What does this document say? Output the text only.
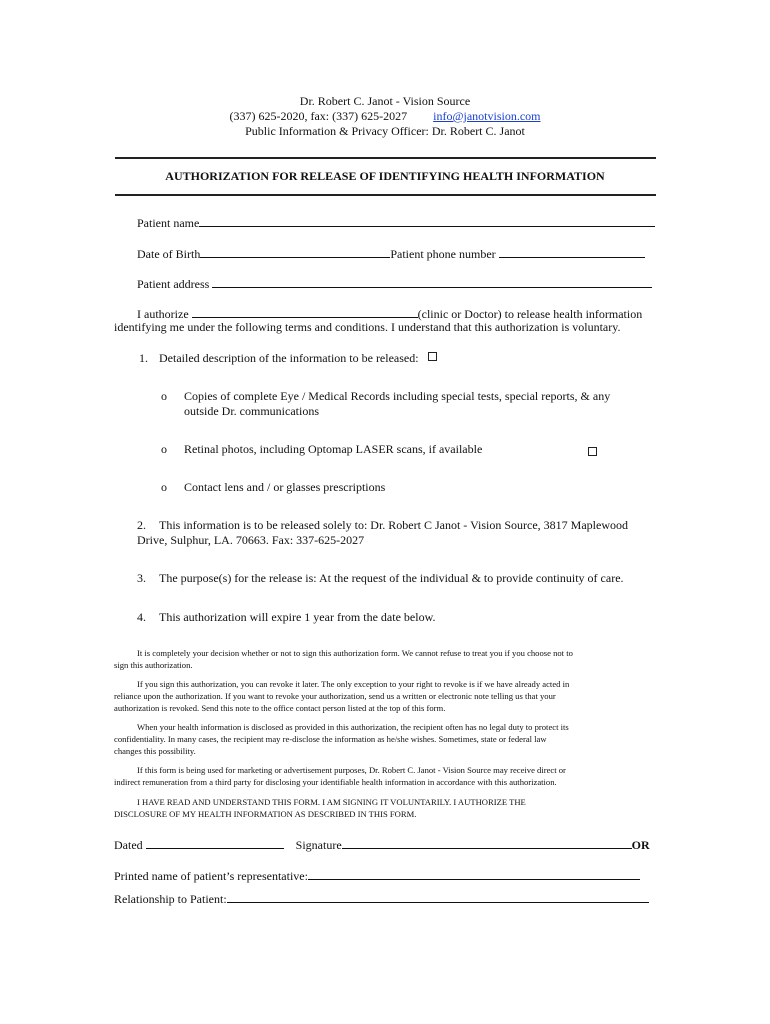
Dr. Robert C. Janot - Vision Source
(337) 625-2020, fax: (337) 625-2027 info@janotvision.com
Public Information & Privacy Officer: Dr. Robert C. Janot
AUTHORIZATION FOR RELEASE OF IDENTIFYING HEALTH INFORMATION
Patient name
Date of Birth	Patient phone number
Patient address
I authorize	(clinic or Doctor) to release health information
identifying me under the following terms and conditions. I understand that this authorization is voluntary.
1. Detailed description of the information to be released:
o Copies of complete Eye / Medical Records including special tests, special reports, & any
outside Dr. communications
o Retinal photos, including Optomap LASER scans, if available
o Contact lens and / or glasses prescriptions
2. This information is to be released solely to: Dr. Robert C Janot - Vision Source, 3817 Maplewood
Drive, Sulphur, LA. 70663. Fax: 337-625-2027
3. The purpose(s) for the release is: At the request of the individual & to provide continuity of care.
4. This authorization will expire 1 year from the date below.
It is completely your decision whether or not to sign this authorization form. We cannot refuse to treat you if you choose not to
sign this authorization.
If you sign this authorization, you can revoke it later. The only exception to your right to revoke is if we have already acted in
reliance upon the authorization. If you want to revoke your authorization, send us a written or electronic note telling us that your
authorization is revoked. Send this note to the office contact person listed at the top of this form.
When your health information is disclosed as provided in this authorization, the recipient often has no legal duty to protect its
confidentiality. In many cases, the recipient may re-disclose the information as he/she wishes. Sometimes, state or federal law
changes this possibility.
If this form is being used for marketing or advertisement purposes, Dr. Robert C. Janot - Vision Source may receive direct or
indirect remuneration from a third party for disclosing your identifiable health information in accordance with this authorization.
I HAVE READ AND UNDERSTAND THIS FORM. I AM SIGNING IT VOLUNTARILY. I AUTHORIZE THE
DISCLOSURE OF MY HEALTH INFORMATION AS DESCRIBED IN THIS FORM.
Dated	Signature	OR
Printed name of patient’s representative:
Relationship to Patient:
